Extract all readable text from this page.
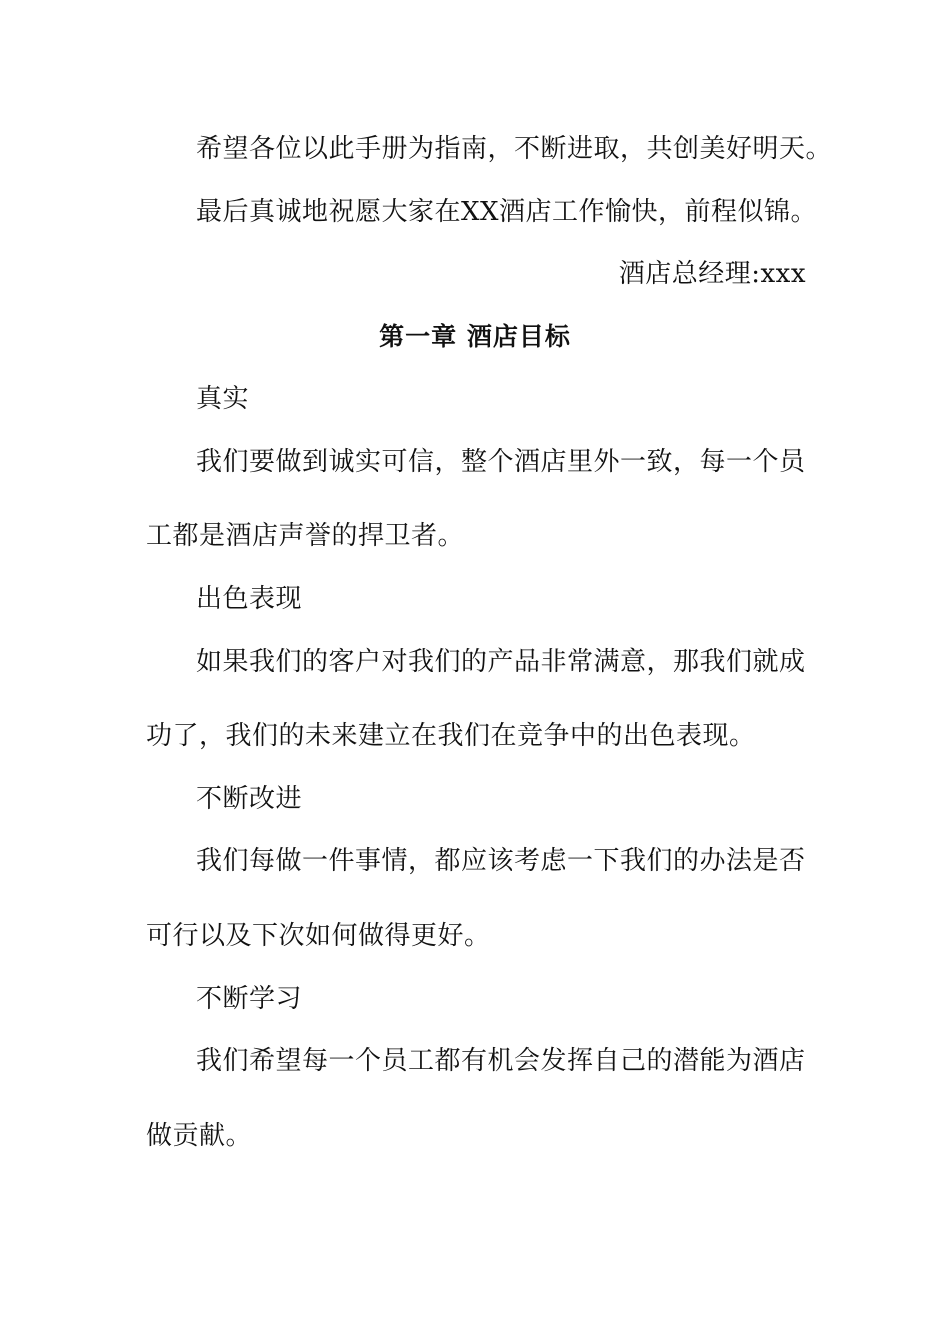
希望各位以此手册为指南，不断进取，共创美好明天。
最后真诚地祝愿大家在XX酒店工作愉快，前程似锦。
酒店总经理:xxx
第一章 酒店目标
真实
我们要做到诚实可信，整个酒店里外一致，每一个员
工都是酒店声誉的捍卫者。
出色表现
如果我们的客户对我们的产品非常满意，那我们就成
功了，我们的未来建立在我们在竞争中的出色表现。
不断改进
我们每做一件事情，都应该考虑一下我们的办法是否
可行以及下次如何做得更好。
不断学习
我们希望每一个员工都有机会发挥自己的潜能为酒店
做贡献。
